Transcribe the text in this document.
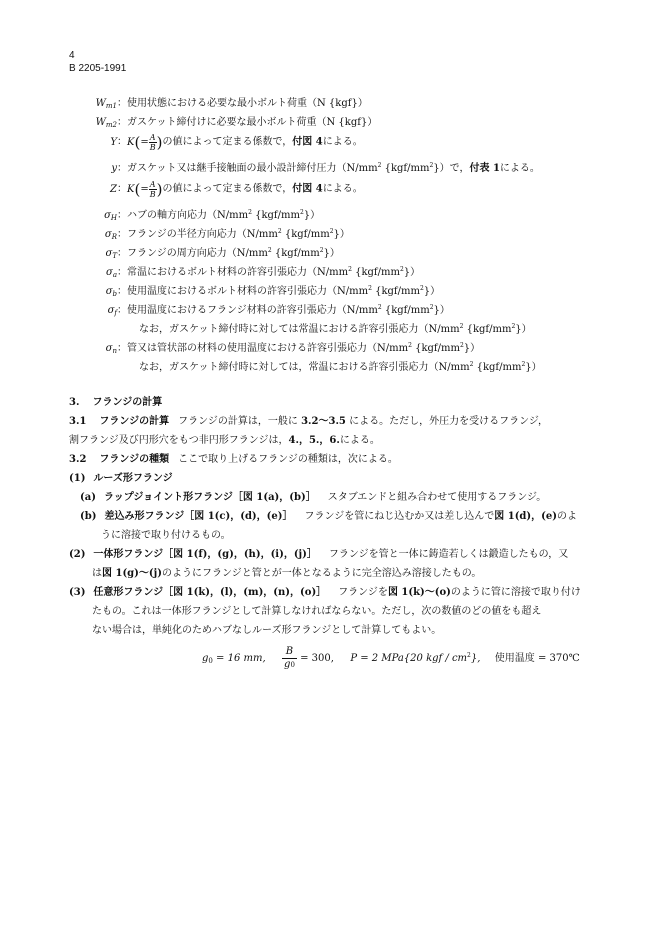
4
B 2205-1991
$W_{m1}$：使用状態における必要な最小ボルト荷重（N {kgf}）
$W_{m2}$：ガスケット締付けに必要な最小ボルト荷重（N {kgf}）
Y：$K(= \frac{A}{B}$ )の値によって定まる係数で，付図 4による。
y：ガスケット又は継手接触面の最小設計締付圧力（$N/mm^2$ $\{kgf/mm^2\}$）で，付表 1による。
Z：$K(= \frac{A}{B}$ )の値によって定まる係数で，付図 4による。
$\sigma_H$：ハブの軸方向応力（$N/mm^2$ $\{kgf/mm^2\}$）
$\sigma_R$：フランジの半径方向応力（$N/mm^2$ $\{kgf/mm^2\}$）
$\sigma_T$：フランジの周方向応力（$N/mm^2$ $\{kgf/mm^2\}$）
$\sigma_a$：常温におけるボルト材料の許容引張応力（$N/mm^2$ $\{kgf/mm^2\}$）
$\sigma_b$：使用温度におけるボルト材料の許容引張応力（$N/mm^2$ $\{kgf/mm^2\}$）
$\sigma_f$：使用温度におけるフランジ材料の許容引張応力（$N/mm^2$ $\{kgf/mm^2\}$）
なお，ガスケット締付時に対しては常温における許容引張応力（$N/mm^2$ $\{kgf/mm^2\}$）
$\sigma_n$：管又は管状部の材料の使用温度における許容引張応力（$N/mm^2$ $\{kgf/mm^2\}$）
なお，ガスケット締付時に対しては，常温における許容引張応力（$N/mm^2$ $\{kgf/mm^2\}$）
3. フランジの計算
3.1 フランジの計算 フランジの計算は，一般に 3.2～3.5 による。ただし，外圧力を受けるフランジ，
割フランジ及び円形穴をもつ非円形フランジは，4.，5.，6.による。
3.2 フランジの種類 ここで取り上げるフランジの種類は，次による。
(1) ルーズ形フランジ
(a) ラップジョイント形フランジ［図 1(a)，(b)］ スタブエンドと組み合わせて使用するフランジ。
(b) 差込み形フランジ［図 1(c)，(d)，(e)］ フランジを管にねじ込むか又は差し込んで図 1(d)，(e)のよ
うに溶接で取り付けるもの。
(2) 一体形フランジ［図 1(f)，(g)，(h)，(i)，(j)］ フランジを管と一体に鋳造若しくは鍛造したもの，又
は図 1(g)～(j)のようにフランジと管とが一体となるように完全溶込み溶接したもの。
(3) 任意形フランジ［図 1(k)，(l)，(m)，(n)，(o)］ フランジを図 1(k)～(o)のように管に溶接で取り付け
たもの。これは一体形フランジとして計算しなければならない。ただし，次の数値のどの値をも超え
ない場合は，単純化のためハブなしルーズ形フランジとして計算してもよい。
$g_0 = 16$ mm, $\frac{B}{g0} = 300$, P = 2 MPa{20 kgf / $cm^2$}, 使用温度 = 370℃
